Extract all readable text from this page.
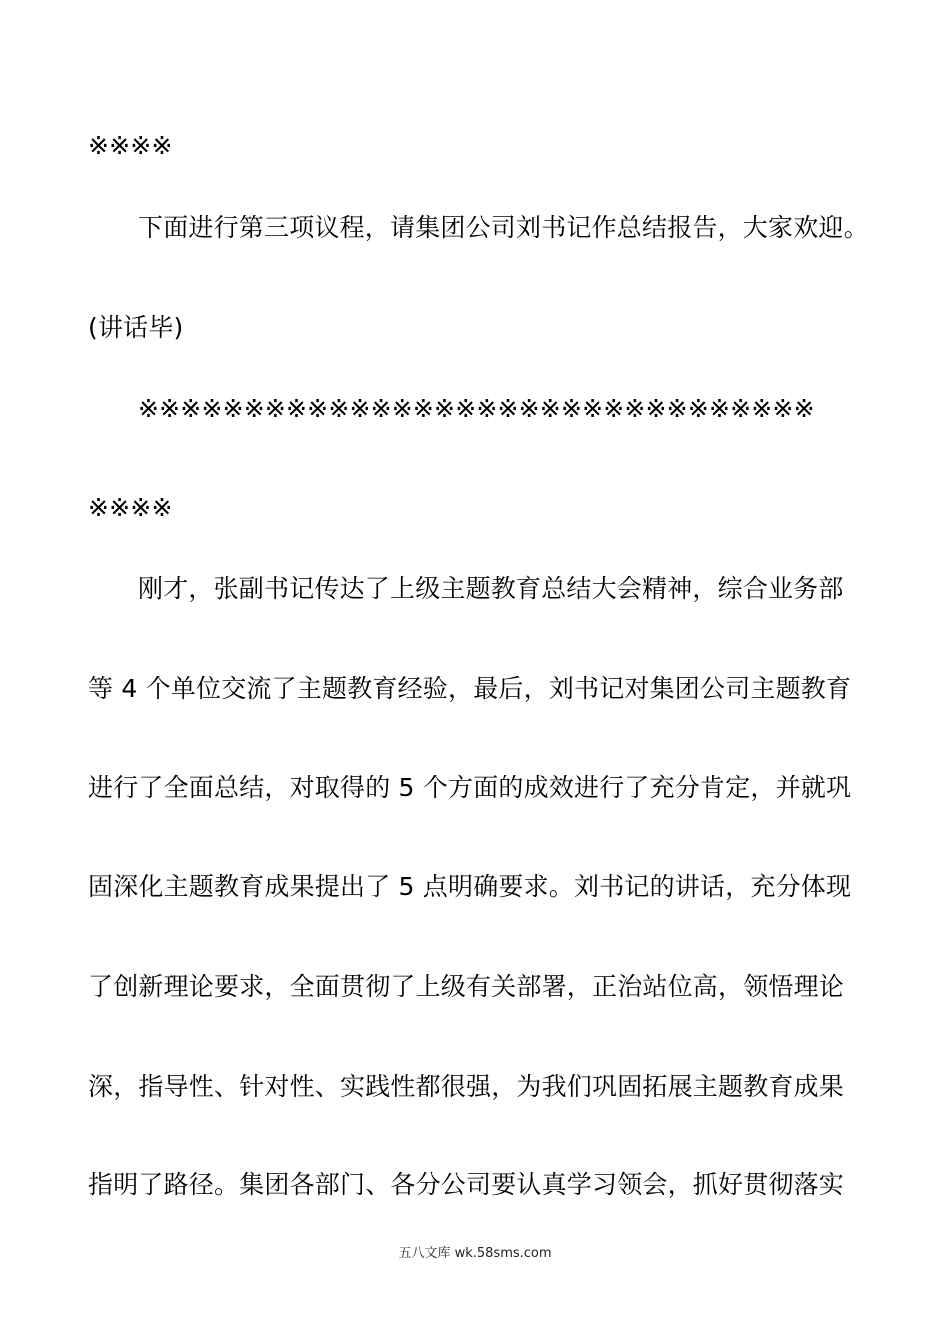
※※※※
下面进行第三项议程，请集团公司刘书记作总结报告，大家欢迎。
(讲话毕)
※※※※※※※※※※※※※※※※※※※※※※※※※※※※※※※※
※※※※
刚才，张副书记传达了上级主题教育总结大会精神，综合业务部
等 4 个单位交流了主题教育经验，最后，刘书记对集团公司主题教育
进行了全面总结，对取得的 5 个方面的成效进行了充分肯定，并就巩
固深化主题教育成果提出了 5 点明确要求。刘书记的讲话，充分体现
了创新理论要求，全面贯彻了上级有关部署，正治站位高，领悟理论
深，指导性、针对性、实践性都很强，为我们巩固拓展主题教育成果
指明了路径。集团各部门、各分公司要认真学习领会，抓好贯彻落实
五八文库 wk.58sms.com
